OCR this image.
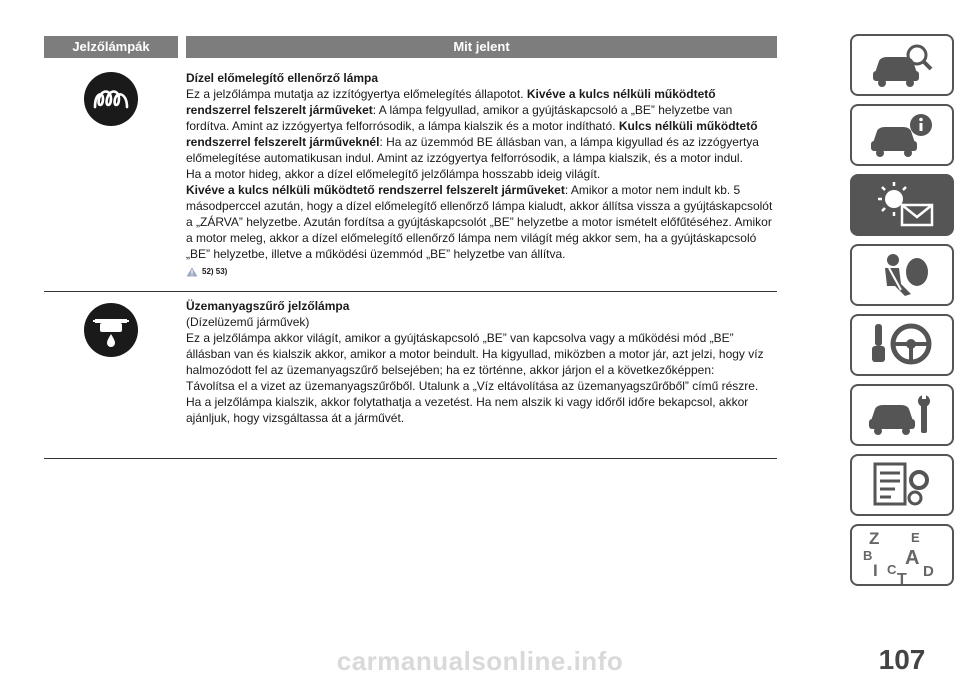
Jelzőlámpák	Mit jelent

Dízel előmelegítő ellenőrző lámpa

Ez a jelzőlámpa mutatja az izzítógyertya előmelegítés állapotot. Kivéve a kulcs nélküli működtető rendszerrel felszerelt járműveket: A lámpa felgyullad, amikor a gyújtáskapcsoló a „BE” helyzetbe van fordítva. Amint az izzógyertya felforrósodik, a lámpa kialszik és a motor indítható. Kulcs nélküli működtető rendszerrel felszerelt járműveknél: Ha az üzemmód BE állásban van, a lámpa kigyullad és az izzógyertya előmelegítése automatikusan indul. Amint az izzógyertya felforrósodik, a lámpa kialszik, és a motor indul.

Ha a motor hideg, akkor a dízel előmelegítő jelzőlámpa hosszabb ideig világít.

Kivéve a kulcs nélküli működtető rendszerrel felszerelt járműveket: Amikor a motor nem indult kb. 5 másodperccel azután, hogy a dízel előmelegítő ellenőrző lámpa kialudt, akkor állítsa vissza a gyújtáskapcsolót a „ZÁRVA” helyzetbe. Azután fordítsa a gyújtáskapcsolót „BE” helyzetbe a motor ismételt előfűtéséhez. Amikor a motor meleg, akkor a dízel előmelegítő ellenőrző lámpa nem világít még akkor sem, ha a gyújtáskapcsoló „BE” helyzetbe, illetve a működési üzemmód „BE” helyzetbe van állítva.

52) 53)

Üzemanyagszűrő jelzőlámpa

(Dízelüzemű járművek)

Ez a jelzőlámpa akkor világít, amikor a gyújtáskapcsoló „BE” van kapcsolva vagy a működési mód „BE” állásban van és kialszik akkor, amikor a motor beindult. Ha kigyullad, miközben a motor jár, azt jelzi, hogy víz halmozódott fel az üzemanyagszűrő belsejében; ha ez történne, akkor járjon el a következőképpen:

Távolítsa el a vizet az üzemanyagszűrőből. Utalunk a „Víz eltávolítása az üzemanyagszűrőből” című részre.

Ha a jelzőlámpa kialszik, akkor folytathatja a vezetést. Ha nem alszik ki vagy időről időre bekapcsol, akkor ajánljuk, hogy vizsgáltassa át a járművét.

Z E
B A
I C
T D
carmanualsonline.info	107
